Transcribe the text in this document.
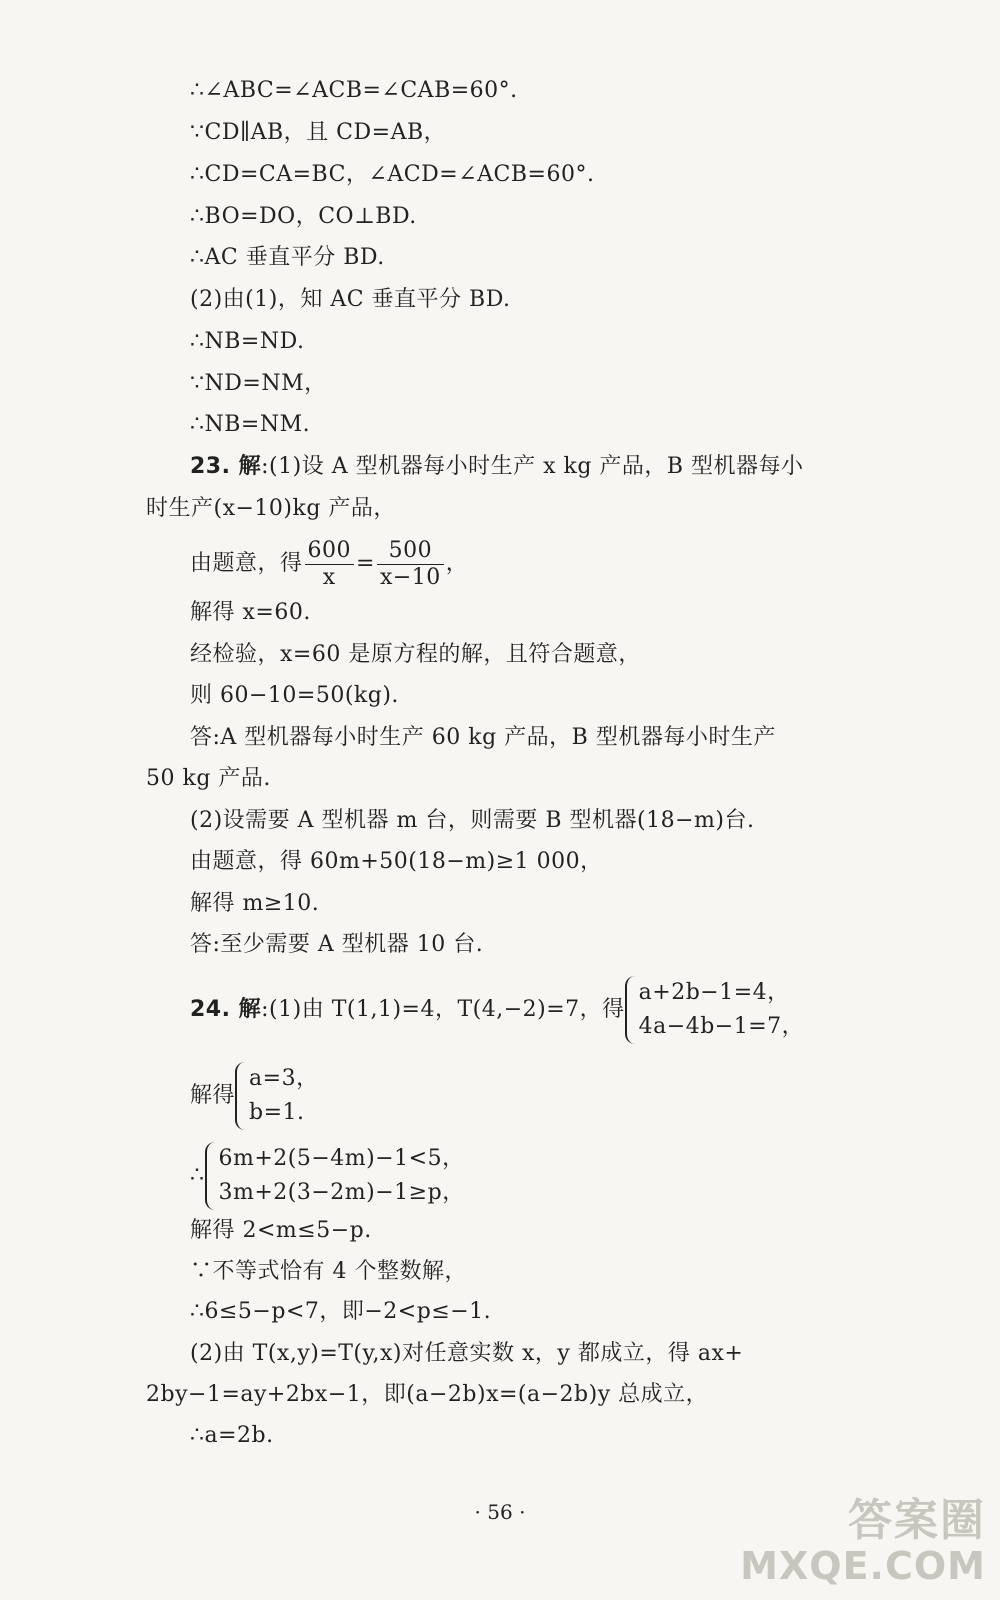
∴∠ABC=∠ACB=∠CAB=60°.
∵CD∥AB，且 CD=AB，
∴CD=CA=BC，∠ACD=∠ACB=60°.
∴BO=DO，CO⊥BD.
∴AC 垂直平分 BD.
(2)由(1)，知 AC 垂直平分 BD.
∴NB=ND.
∵ND=NM，
∴NB=NM.
23. 解:(1)设 A 型机器每小时生产 x kg 产品，B 型机器每小
时生产(x−10)kg 产品，
由题意，得 $\frac{600}{x} = \frac{500}{x-10}$ ，
解得 x=60.
经检验，x=60 是原方程的解，且符合题意，
则 60−10=50(kg).
答:A 型机器每小时生产 60 kg 产品，B 型机器每小时生产
50 kg 产品.
(2)设需要 A 型机器 m 台，则需要 B 型机器(18−m)台.
由题意，得 60m+50(18−m)≥1 000，
解得 m≥10.
答:至少需要 A 型机器 10 台.
24. 解:(1)由 T(1,1)=4，T(4,−2)=7，得
a+2b−1=4，
4a−4b−1=7，
解得
a=3，
b=1.
∴
6m+2(5−4m)−1<5，
3m+2(3−2m)−1≥p，
解得 2<m≤5−p.
∵不等式恰有 4 个整数解，
∴6≤5−p<7，即−2<p≤−1.
(2)由 T(x,y)=T(y,x)对任意实数 x，y 都成立，得 ax+
2by−1=ay+2bx−1，即(a−2b)x=(a−2b)y 总成立，
∴a=2b.
· 56 ·	答案圈
MXQE.COM
